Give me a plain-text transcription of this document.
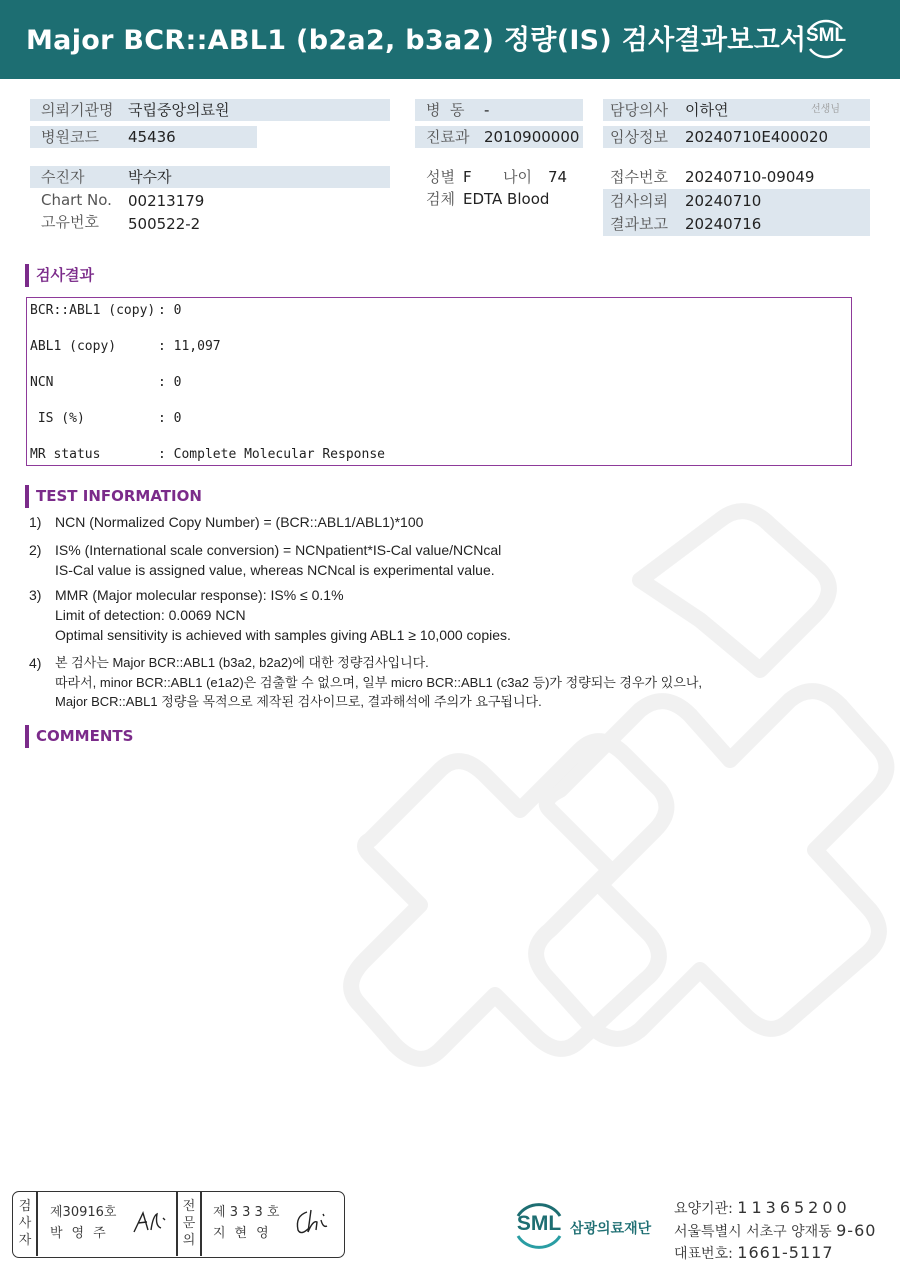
Major BCR::ABL1 (b2a2, b3a2) 정량(IS) 검사결과보고서 SML
의뢰기관명 국립중앙의료원
병원코드 45436
병  동 -
진료과 2010900000
담당의사 이하연	선생님
임상정보 20240710E400020
수진자	박수자
Chart No. 00213179
고유번호 500522-2
성별 F 나이 74
검체 EDTA Blood
접수번호 20240710-09049
검사의뢰 20240710
결과보고 20240716
검사결과
BCR::ABL1 (copy) : 0
ABL1 (copy)	: 11,097
NCN	: 0
IS (%)	: 0
MR status	: Complete Molecular Response
TEST INFORMATION
1) NCN (Normalized Copy Number) = (BCR::ABL1/ABL1)*100
2) IS% (International scale conversion) = NCNpatient*IS-Cal value/NCNcal
IS-Cal value is assigned value, whereas NCNcal is experimental value.
3) MMR (Major molecular response): IS% ≤ 0.1%
Limit of detection: 0.0069 NCN
Optimal sensitivity is achieved with samples giving ABL1 ≥ 10,000 copies.
4) 본 검사는 Major BCR::ABL1 (b3a2, b2a2)에 대한 정량검사입니다.
따라서, minor BCR::ABL1 (e1a2)은 검출할 수 없으며, 일부 micro BCR::ABL1 (c3a2 등)가 정량되는 경우가 있으나,
Major BCR::ABL1 정량을 목적으로 제작된 검사이므로, 결과해석에 주의가 요구됩니다.
COMMENTS
검
사
자
제30916호
박영주
전
문
의
제 3 3 3 호
지현영	SML 삼광의료재단
요양기관: 11365200
서울특별시 서초구 양재동 9-60
대표번호: 1661-5117
